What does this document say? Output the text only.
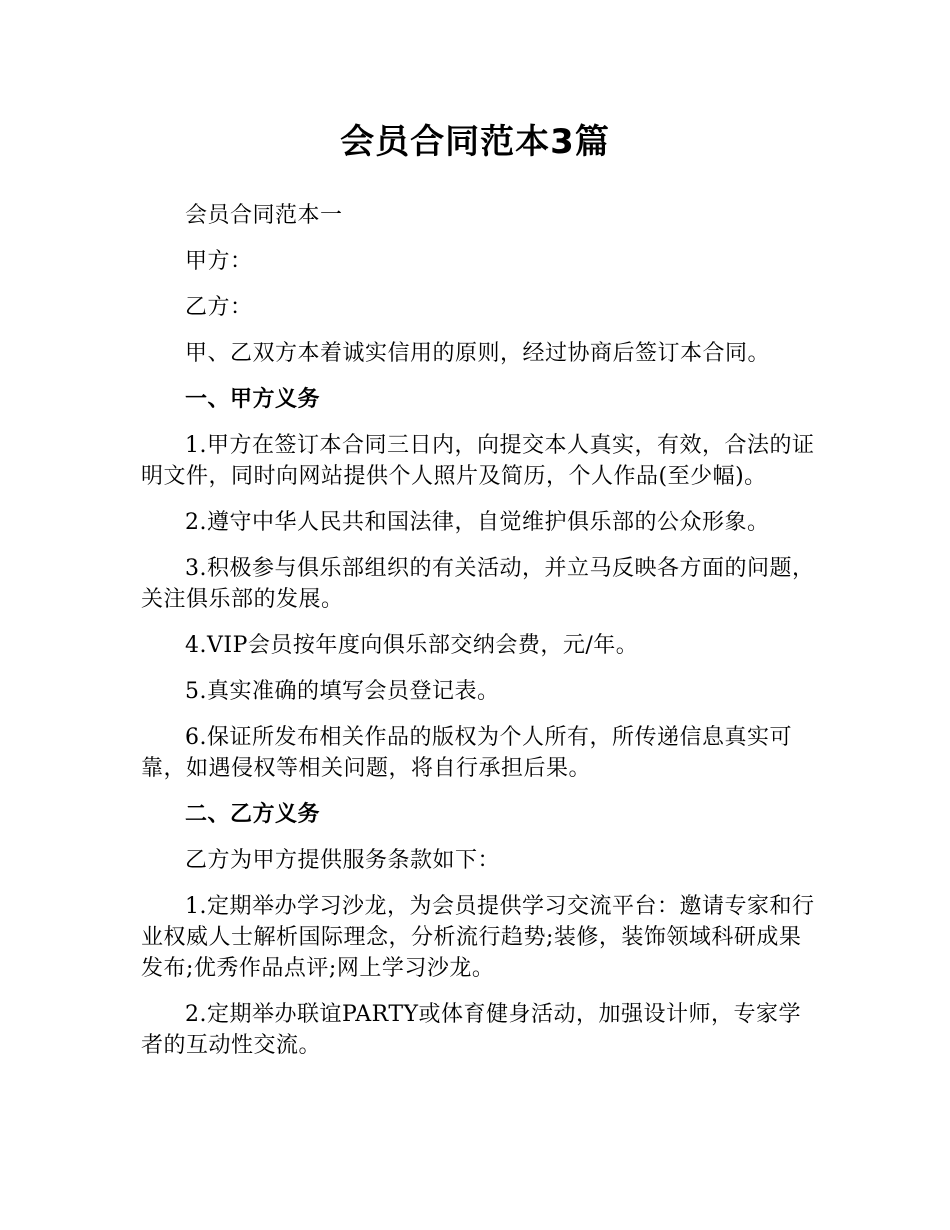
会员合同范本3篇

会员合同范本一

甲方：

乙方：

甲、乙双方本着诚实信用的原则，经过协商后签订本合同。

一、甲方义务

1.甲方在签订本合同三日内，向提交本人真实，有效，合法的证明文件，同时向网站提供个人照片及简历，个人作品(至少幅)。

2.遵守中华人民共和国法律，自觉维护俱乐部的公众形象。

3.积极参与俱乐部组织的有关活动，并立马反映各方面的问题，关注俱乐部的发展。

4.VIP会员按年度向俱乐部交纳会费，元/年。

5.真实准确的填写会员登记表。

6.保证所发布相关作品的版权为个人所有，所传递信息真实可靠，如遇侵权等相关问题，将自行承担后果。

二、乙方义务

乙方为甲方提供服务条款如下：

1.定期举办学习沙龙，为会员提供学习交流平台：邀请专家和行业权威人士解析国际理念，分析流行趋势;装修，装饰领域科研成果发布;优秀作品点评;网上学习沙龙。

2.定期举办联谊PARTY或体育健身活动，加强设计师，专家学者的互动性交流。
